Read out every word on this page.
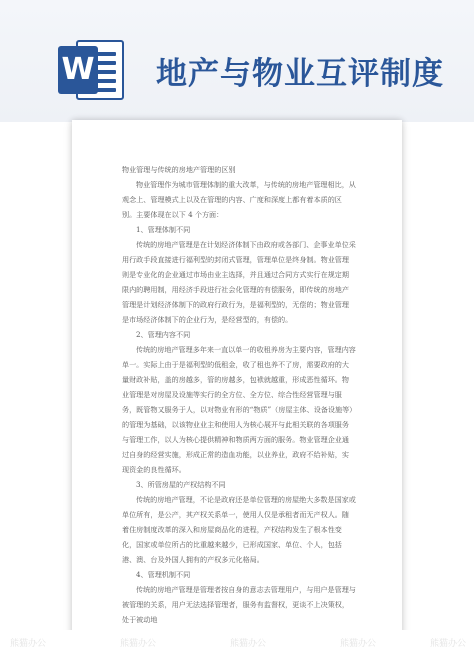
W 地产与物业互评制度

物业管理与传统的房地产管理的区别

物业管理作为城市管理体制的重大改革，与传统的房地产管理相比，从观念上、管理模式上以及在管理的内容、广度和深度上都有着本质的区别。主要体现在以下 4 个方面：

1、管理体制不同

传统的房地产管理是在计划经济体制下由政府或各部门、企事业单位采用行政手段直接进行福利型的封闭式管理，管理单位是终身制。物业管理则是专业化的企业通过市场由业主选择，并且通过合同方式实行在规定期限内的聘用制，用经济手段进行社会化管理的有偿服务，即传统的房地产管理是计划经济体制下的政府行政行为，是福利型的，无偿的；物业管理是市场经济体制下的企业行为，是经营型的，有偿的。

2、管理内容不同

传统的房地产管理多年来一直以单一的收租养房为主要内容，管理内容单一。实际上由于是福利型的低租金，收了租也养不了房，需要政府的大量财政补贴，盖的房越多，管的房越多，包袱就越重，形成恶性循环。物业管理是对房屋及设施等实行的全方位、全方位、综合性经营管理与服务，既管物又服务于人，以对物业有形的“物质”（房屋主体、设备设施等）的管理为基础，以该物业业主和使用人为核心展开与此相关联的各项服务与管理工作，以人为核心提供精神和物质两方面的服务。物业管理企业通过自身的经营实施，形成正常的造血功能，以业养业，政府不给补贴，实现资金的良性循环。

3、所管房屋的产权结构不同

传统的房地产管理，不论是政府还是单位管理的房屋绝大多数是国家或单位所有，是公产，其产权关系单一，使用人仅是承租者而无产权人。随着住房制度改革的深入和房屋商品化的进程，产权结构发生了根本性变化，国家或单位所占的比重越来越少，已形成国家、单位、个人，包括港、澳、台及外国人拥有的产权多元化格局。

4、管理机制不同

传统的房地产管理是管理者按自身的意志去管理用户，与用户是管理与被管理的关系，用户无法选择管理者，服务有监督权，更谈不上决策权，处于被动地

熊猫办公	熊猫办公	熊猫办公	熊猫办公	熊猫办公
